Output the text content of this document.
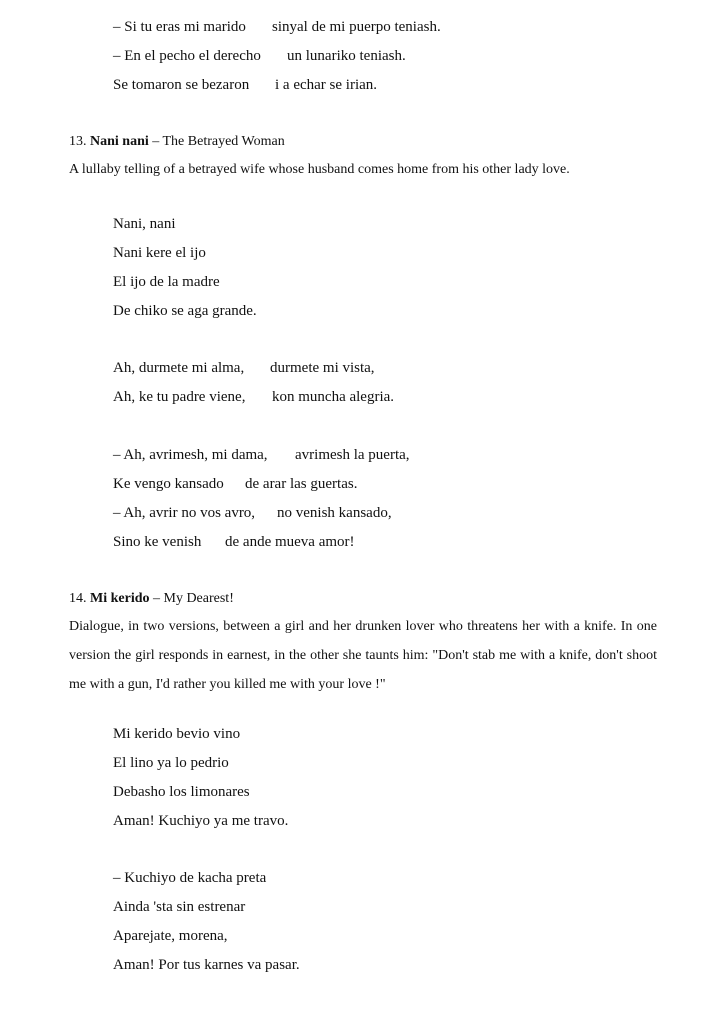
– Si tu eras mi marido sinyal de mi puerpo teniash.
– En el pecho el derecho un lunariko teniash.
Se tomaron se bezaron i a echar se irian.
13. Nani nani – The Betrayed Woman
A lullaby telling of a betrayed wife whose husband comes home from his other lady love.
Nani, nani
Nani kere el ijo
El ijo de la madre
De chiko se aga grande.
Ah, durmete mi alma, durmete mi vista,
Ah, ke tu padre viene, kon muncha alegria.
– Ah, avrimesh, mi dama, avrimesh la puerta,
Ke vengo kansado de arar las guertas.
– Ah, avrir no vos avro, no venish kansado,
Sino ke venish de ande mueva amor!
14. Mi kerido – My Dearest!
Dialogue, in two versions, between a girl and her drunken lover who threatens her with a knife. In one version the girl responds in earnest, in the other she taunts him: "Don't stab me with a knife, don't shoot me with a gun, I'd rather you killed me with your love !"
Mi kerido bevio vino
El lino ya lo pedrio
Debasho los limonares
Aman! Kuchiyo ya me travo.
– Kuchiyo de kacha preta
Ainda 'sta sin estrenar
Aparejate, morena,
Aman! Por tus karnes va pasar.
